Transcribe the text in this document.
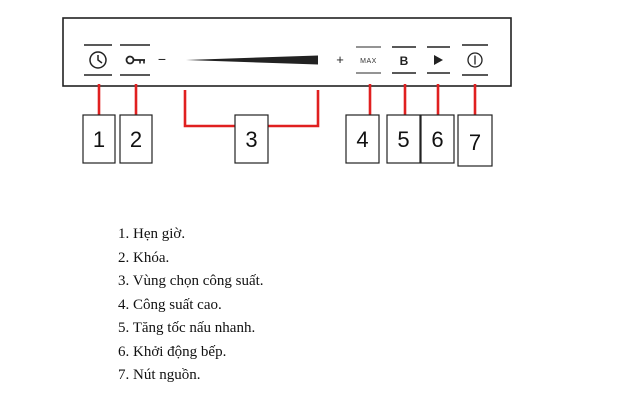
−	+ MAX B
1 2	3	4 5 6 7
1. Hẹn giờ.
2. Khóa.
3. Vùng chọn công suất.
4. Công suất cao.
5. Tăng tốc nấu nhanh.
6. Khởi động bếp.
7. Nút nguồn.
